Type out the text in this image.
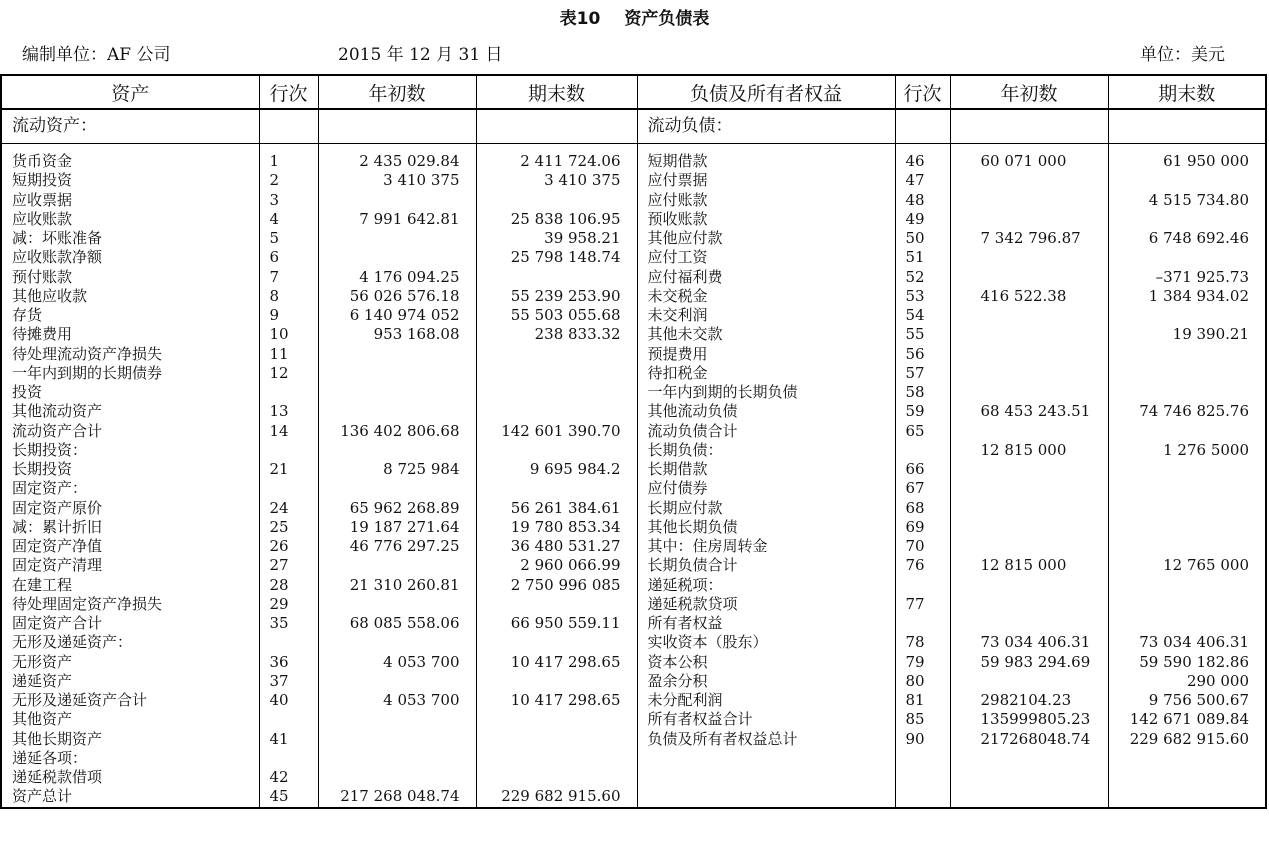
表10 资产负债表
编制单位：AF 公司	2015 年 12 月 31 日	单位：美元
资产	行次	年初数	期末数	负债及所有者权益	行次	年初数	期末数
流动资产：				流动负债：			

货币资金	1	2 435 029.84	2 411 724.06	短期借款	46	60 071 000	61 950 000
短期投资	2	3 410 375	3 410 375	应付票据	47		
应收票据	3			应付账款	48		4 515 734.80
应收账款	4	7 991 642.81	25 838 106.95	预收账款	49		
减：坏账准备	5		39 958.21	其他应付款	50	7 342 796.87	6 748 692.46
应收账款净额	6		25 798 148.74	应付工资	51		
预付账款	7	4 176 094.25		应付福利费	52		–371 925.73
其他应收款	8	56 026 576.18	55 239 253.90	未交税金	53	416 522.38	1 384 934.02
存货	9	6 140 974 052	55 503 055.68	未交利润	54		
待摊费用	10	953 168.08	238 833.32	其他未交款	55		19 390.21
待处理流动资产净损失	11			预提费用	56		
一年内到期的长期债券	12			待扣税金	57		
投资				一年内到期的长期负债	58		
其他流动资产	13			其他流动负债	59	68 453 243.51	74 746 825.76
流动资产合计	14	136 402 806.68	142 601 390.70	流动负债合计	65		
长期投资：				长期负债：		12 815 000	1 276 5000
长期投资	21	8 725 984	9 695 984.2	长期借款	66		
固定资产：				应付债券	67		
固定资产原价	24	65 962 268.89	56 261 384.61	长期应付款	68		
减：累计折旧	25	19 187 271.64	19 780 853.34	其他长期负债	69		
固定资产净值	26	46 776 297.25	36 480 531.27	其中：住房周转金	70		
固定资产清理	27		2 960 066.99	长期负债合计	76	12 815 000	12 765 000
在建工程	28	21 310 260.81	2 750 996 085	递延税项：			
待处理固定资产净损失	29			递延税款贷项	77		
固定资产合计	35	68 085 558.06	66 950 559.11	所有者权益			
无形及递延资产：				实收资本（股东）	78	73 034 406.31	73 034 406.31
无形资产	36	4 053 700	10 417 298.65	资本公积	79	59 983 294.69	59 590 182.86
递延资产	37			盈余分积	80		290 000
无形及递延资产合计	40	4 053 700	10 417 298.65	未分配利润	81	2982104.23	9 756 500.67
其他资产				所有者权益合计	85	135999805.23	142 671 089.84
其他长期资产	41			负债及所有者权益总计	90	217268048.74	229 682 915.60
递延各项：							
递延税款借项	42						
资产总计	45	217 268 048.74	229 682 915.60				
